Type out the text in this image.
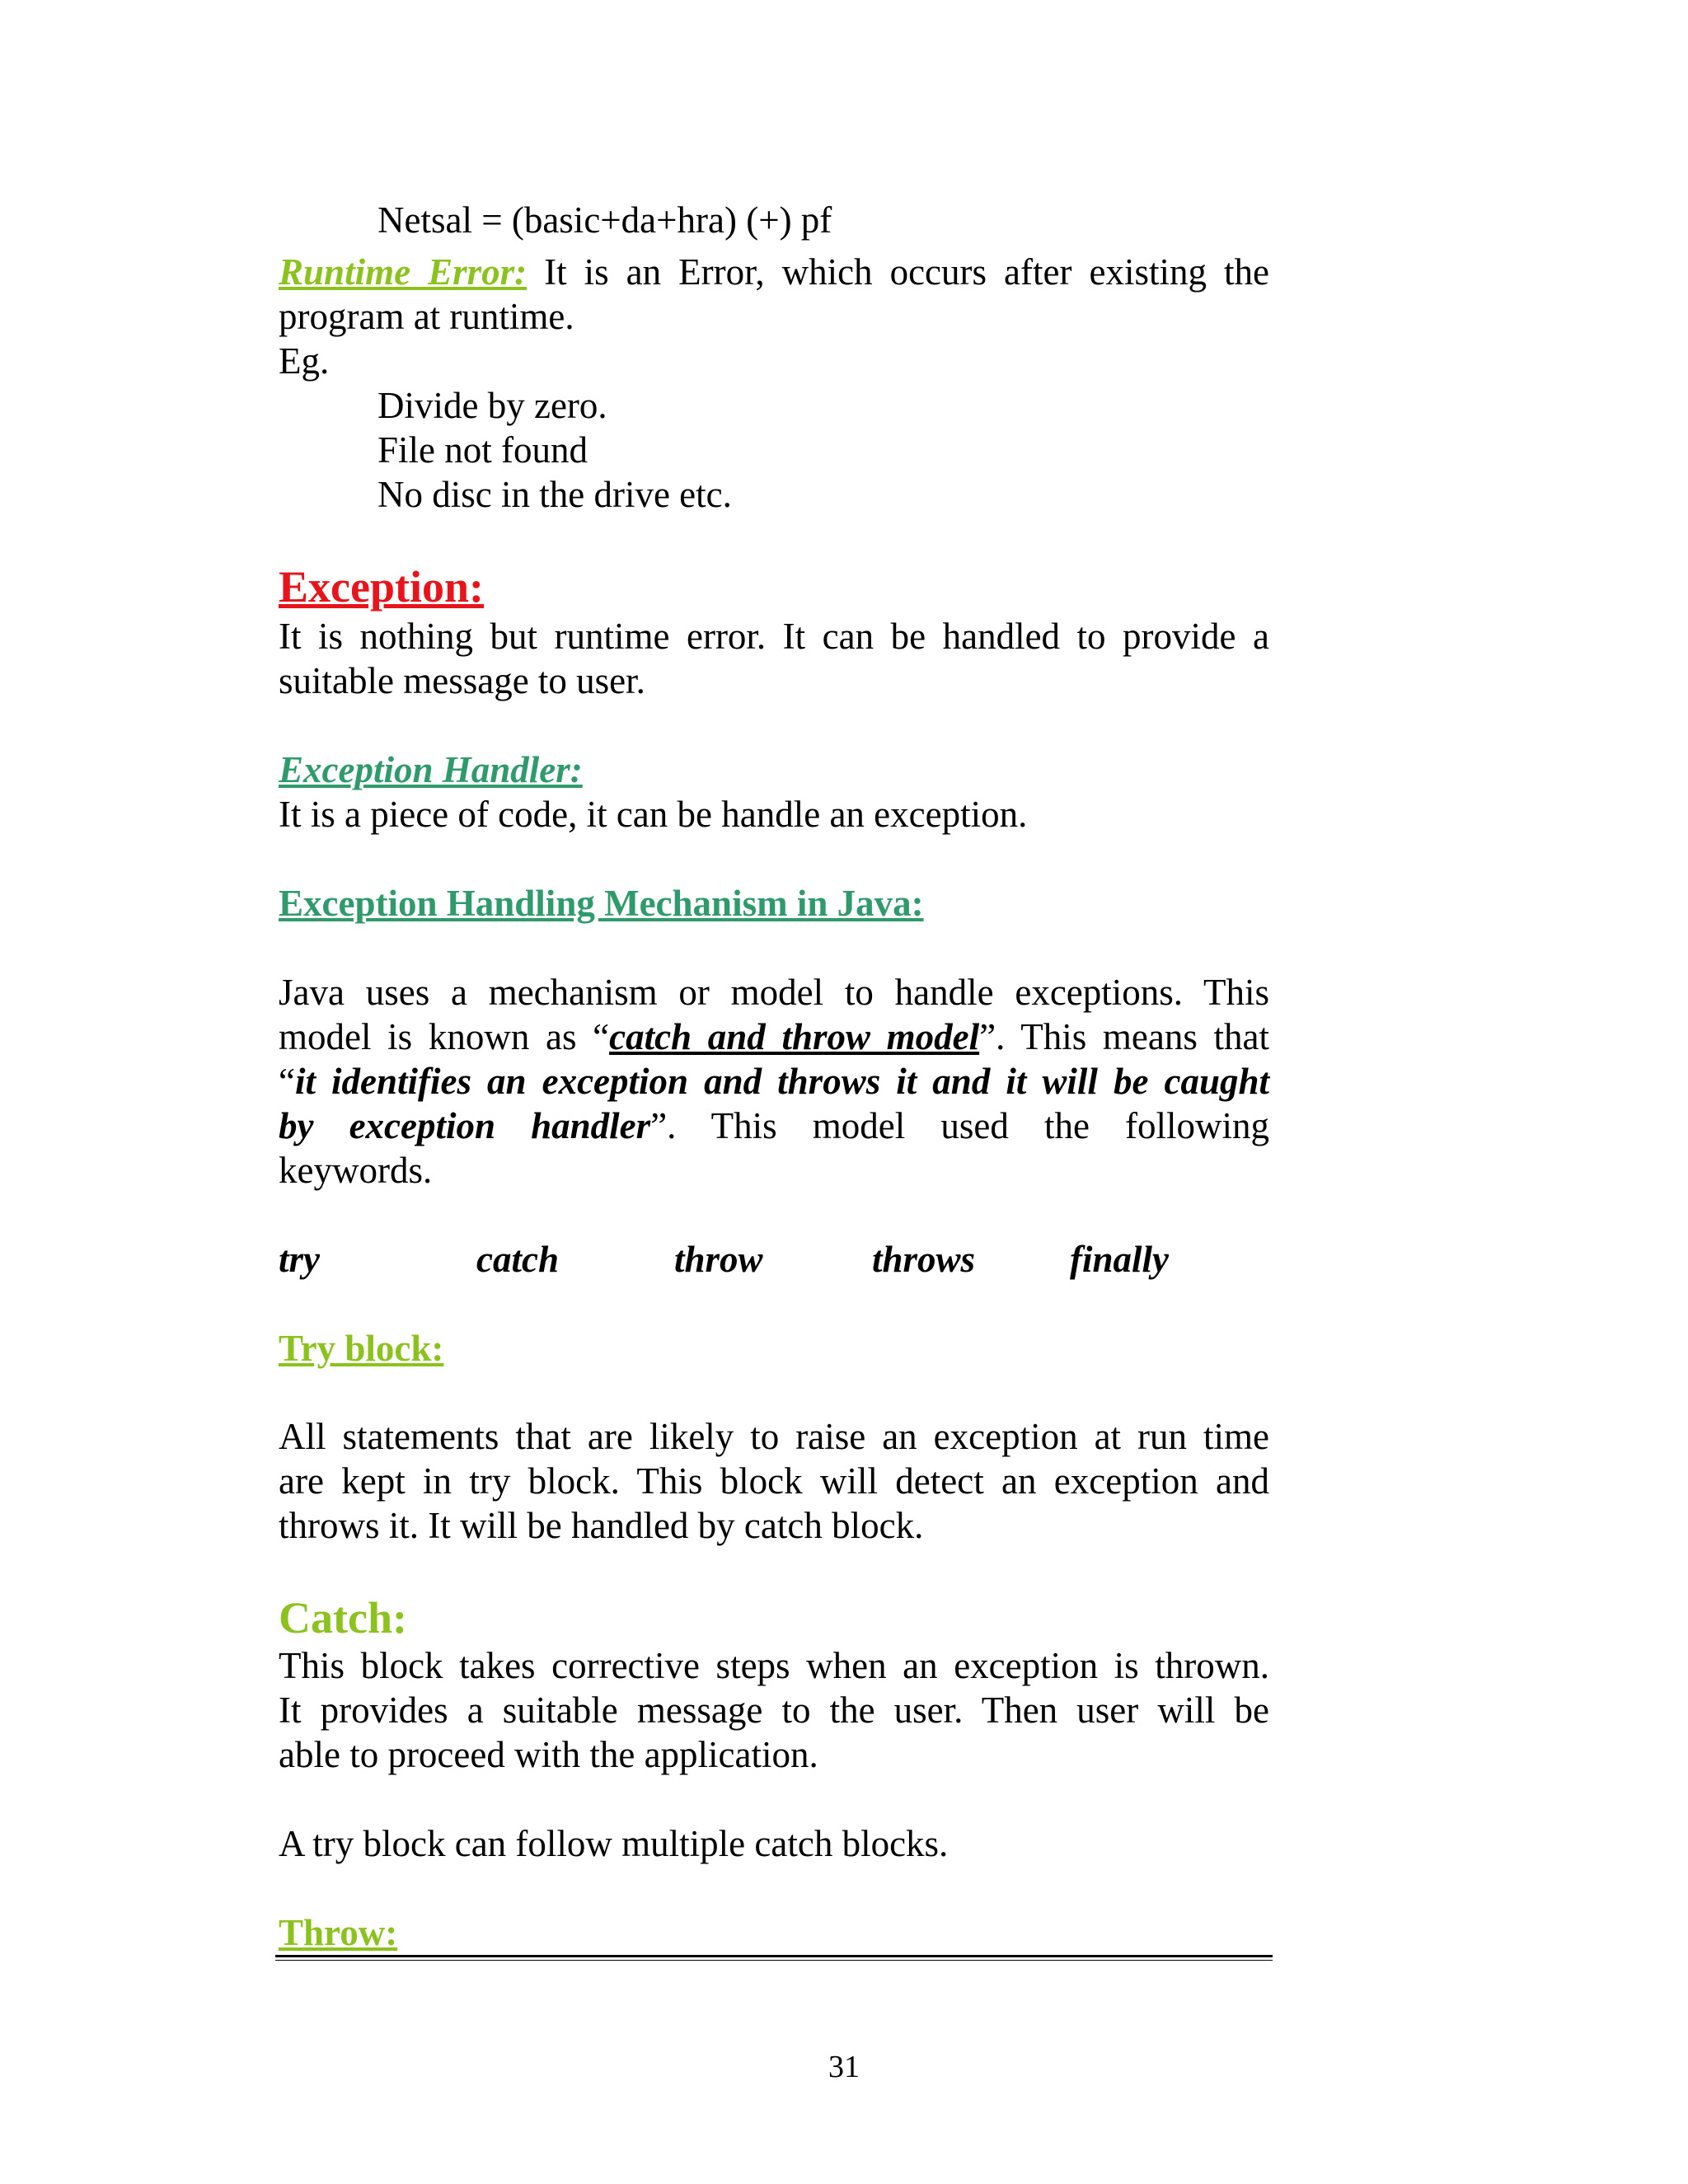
Netsal = (basic+da+hra) (+) pf
Runtime Error: It is an Error, which occurs after existing the
program at runtime.
Eg.
Divide by zero.
File not found
No disc in the drive etc.
Exception:
It is nothing but runtime error. It can be handled to provide a
suitable message to user.
Exception Handler:
It is a piece of code, it can be handle an exception.
Exception Handling Mechanism in Java:
Java uses a mechanism or model to handle exceptions. This
model is known as “catch and throw model”. This means that
“it identifies an exception and throws it and it will be caught
by exception handler”. This model used the following
keywords.
try	catch	throw	throws	finally
Try block:
All statements that are likely to raise an exception at run time
are kept in try block. This block will detect an exception and
throws it. It will be handled by catch block.
Catch:
This block takes corrective steps when an exception is thrown.
It provides a suitable message to the user. Then user will be
able to proceed with the application.
A try block can follow multiple catch blocks.
Throw:
31
